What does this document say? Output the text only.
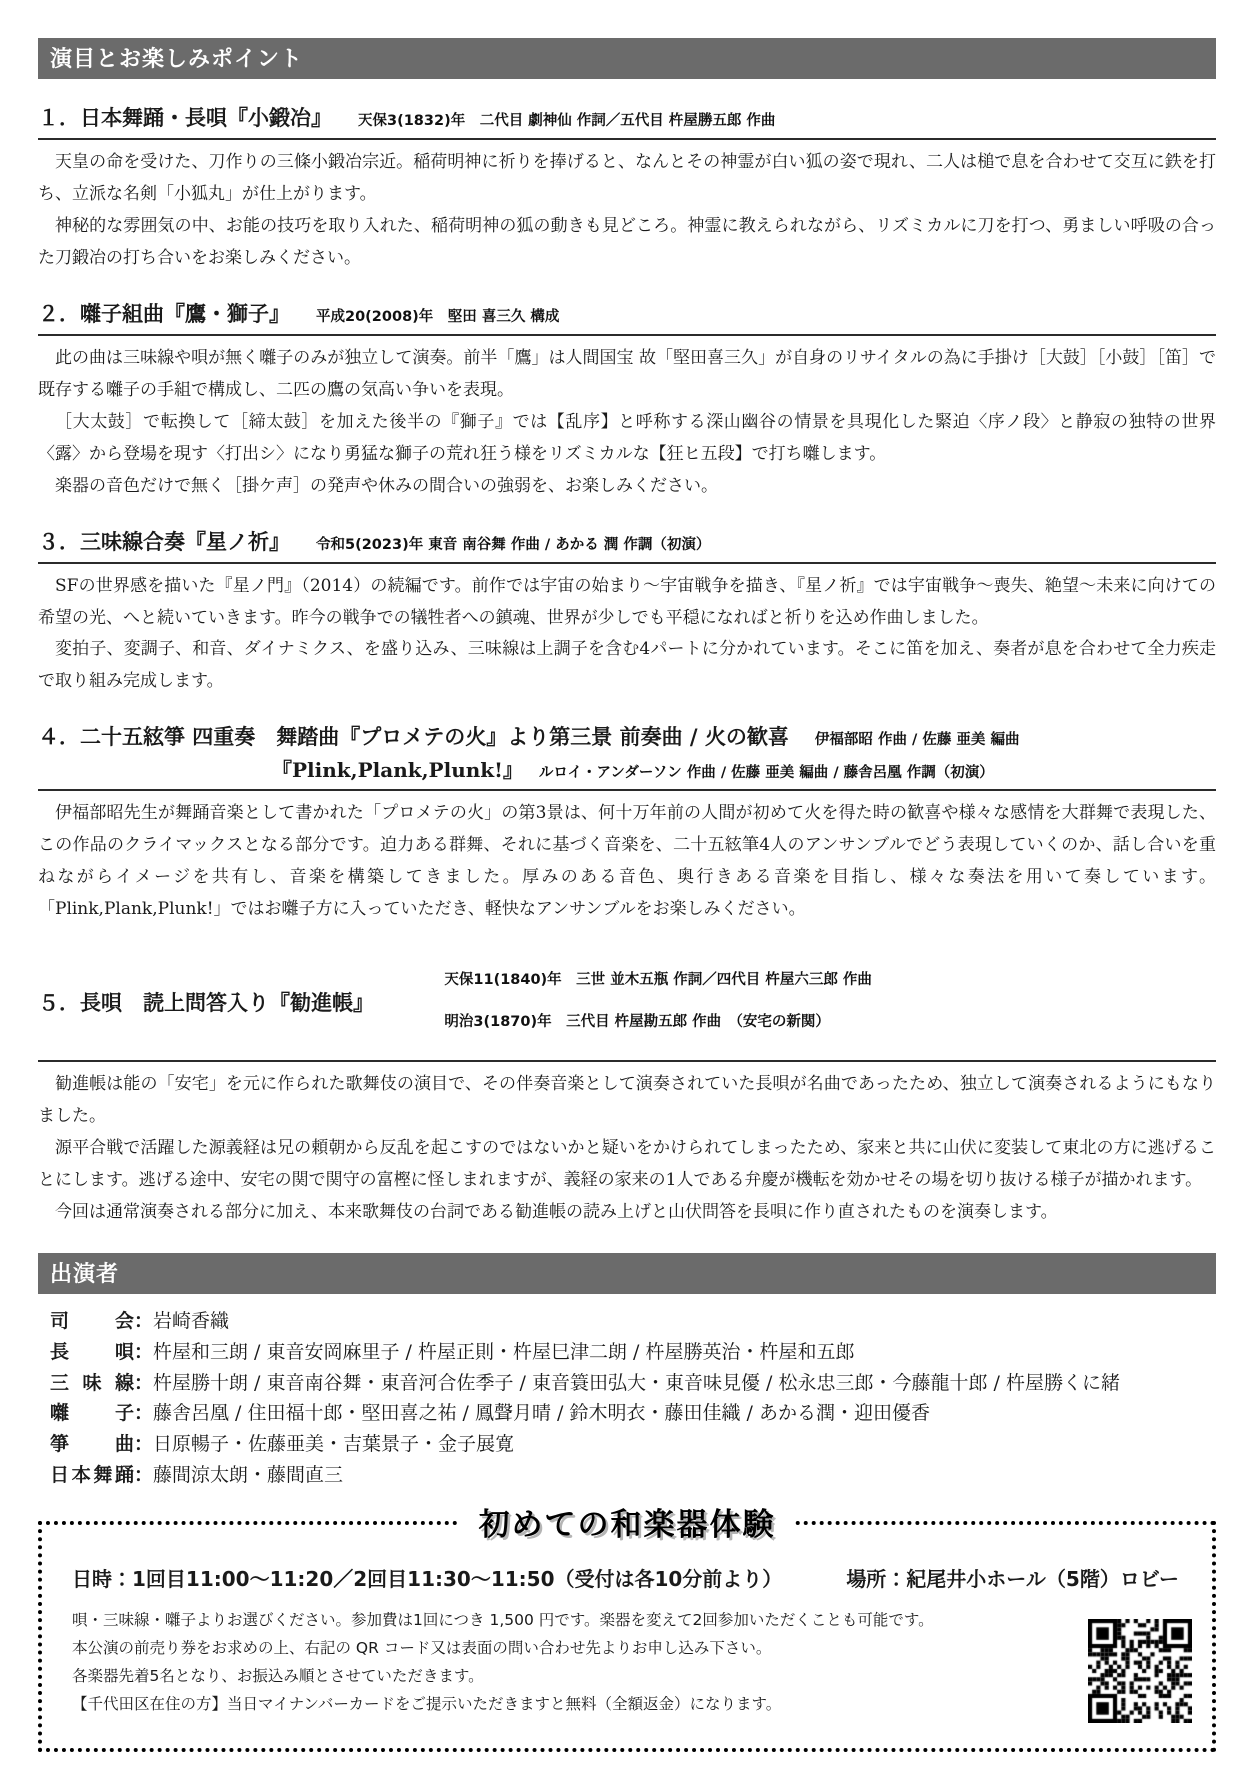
演目とお楽しみポイント
１． 日本舞踊・長唄『小鍛冶』 天保3(1832)年　二代目 劇神仙 作詞／五代目 杵屋勝五郎 作曲

天皇の命を受けた、刀作りの三條小鍛冶宗近。稲荷明神に祈りを捧げると、なんとその神霊が白い狐の姿で現れ、二人は槌で息を合わせて交互に鉄を打ち、立派な名剣「小狐丸」が仕上がります。

神秘的な雰囲気の中、お能の技巧を取り入れた、稲荷明神の狐の動きも見どころ。神霊に教えられながら、リズミカルに刀を打つ、勇ましい呼吸の合った刀鍛冶の打ち合いをお楽しみください。

２． 囃子組曲『鷹・獅子』 平成20(2008)年　堅田 喜三久 構成

此の曲は三味線や唄が無く囃子のみが独立して演奏。前半「鷹」は人間国宝 故「堅田喜三久」が自身のリサイタルの為に手掛け［大鼓］［小鼓］［笛］で既存する囃子の手組で構成し、二匹の鷹の気高い争いを表現。

［大太鼓］で転換して［締太鼓］を加えた後半の『獅子』では【乱序】と呼称する深山幽谷の情景を具現化した緊迫〈序ノ段〉と静寂の独特の世界〈露〉から登場を現す〈打出シ〉になり勇猛な獅子の荒れ狂う様をリズミカルな【狂ヒ五段】で打ち囃します。

楽器の音色だけで無く［掛ケ声］の発声や休みの間合いの強弱を、お楽しみください。

３． 三味線合奏『星ノ祈』 令和5(2023)年 東音 南谷舞 作曲 / あかる 潤 作調（初演）

SFの世界感を描いた『星ノ門』（2014）の続編です。前作では宇宙の始まり～宇宙戦争を描き、『星ノ祈』では宇宙戦争～喪失、絶望～未来に向けての希望の光、へと続いていきます。昨今の戦争での犠牲者への鎮魂、世界が少しでも平穏になればと祈りを込め作曲しました。

変拍子、変調子、和音、ダイナミクス、を盛り込み、三味線は上調子を含む4パートに分かれています。そこに笛を加え、奏者が息を合わせて全力疾走で取り組み完成します。

４． 二十五絃箏 四重奏　舞踏曲『プロメテの火』より第三景 前奏曲 / 火の歓喜 伊福部昭 作曲 / 佐藤 亜美 編曲
『Plink,Plank,Plunk!』 ルロイ・アンダーソン 作曲 / 佐藤 亜美 編曲 / 藤舎呂凰 作調（初演）

伊福部昭先生が舞踊音楽として書かれた「プロメテの火」の第3景は、何十万年前の人間が初めて火を得た時の歓喜や様々な感情を大群舞で表現した、この作品のクライマックスとなる部分です。迫力ある群舞、それに基づく音楽を、二十五絃筆4人のアンサンブルでどう表現していくのか、話し合いを重ねながらイメージを共有し、音楽を構築してきました。厚みのある音色、奥行きある音楽を目指し、様々な奏法を用いて奏しています。「Plink,Plank,Plunk!」ではお囃子方に入っていただき、軽快なアンサンブルをお楽しみください。

５． 長唄　読上問答入り『勧進帳』

天保11(1840)年　三世 並木五瓶 作詞／四代目 杵屋六三郎 作曲

明治3(1870)年　三代目 杵屋勘五郎 作曲　（安宅の新関）

勧進帳は能の「安宅」を元に作られた歌舞伎の演目で、その伴奏音楽として演奏されていた長唄が名曲であったため、独立して演奏されるようにもなりました。

源平合戦で活躍した源義経は兄の頼朝から反乱を起こすのではないかと疑いをかけられてしまったため、家来と共に山伏に変装して東北の方に逃げることにします。逃げる途中、安宅の関で関守の富樫に怪しまれますが、義経の家来の1人である弁慶が機転を効かせその場を切り抜ける様子が描かれます。

今回は通常演奏される部分に加え、本来歌舞伎の台詞である勧進帳の読み上げと山伏問答を長唄に作り直されたものを演奏します。

出演者
司会 ： 岩崎香織
長唄 ： 杵屋和三朗 / 東音安岡麻里子 / 杵屋正則・杵屋巳津二朗 / 杵屋勝英治・杵屋和五郎
三味線 ： 杵屋勝十朗 / 東音南谷舞・東音河合佐季子 / 東音簑田弘大・東音味見優 / 松永忠三郎・今藤龍十郎 / 杵屋勝くに緒
囃子 ： 藤舎呂凰 / 住田福十郎・堅田喜之祐 / 鳳聲月晴 / 鈴木明衣・藤田佳織 / あかる潤・迎田優香
箏曲 ： 日原暢子・佐藤亜美・吉葉景子・金子展寛
日本舞踊 ： 藤間涼太朗・藤間直三
初めての和楽器体験
日時： 1回目11:00～11:20／2回目11:30～11:50（受付は各10分前より）	場所： 紀尾井小ホール（5階）ロビー
唄・三味線・囃子よりお選びください。参加費は1回につき 1,500 円です。楽器を変えて2回参加いただくことも可能です。
本公演の前売り券をお求めの上、右記の QR コード又は表面の問い合わせ先よりお申し込み下さい。
各楽器先着5名となり、お振込み順とさせていただきます。
【千代田区在住の方】当日マイナンバーカードをご提示いただきますと無料（全額返金）になります。
